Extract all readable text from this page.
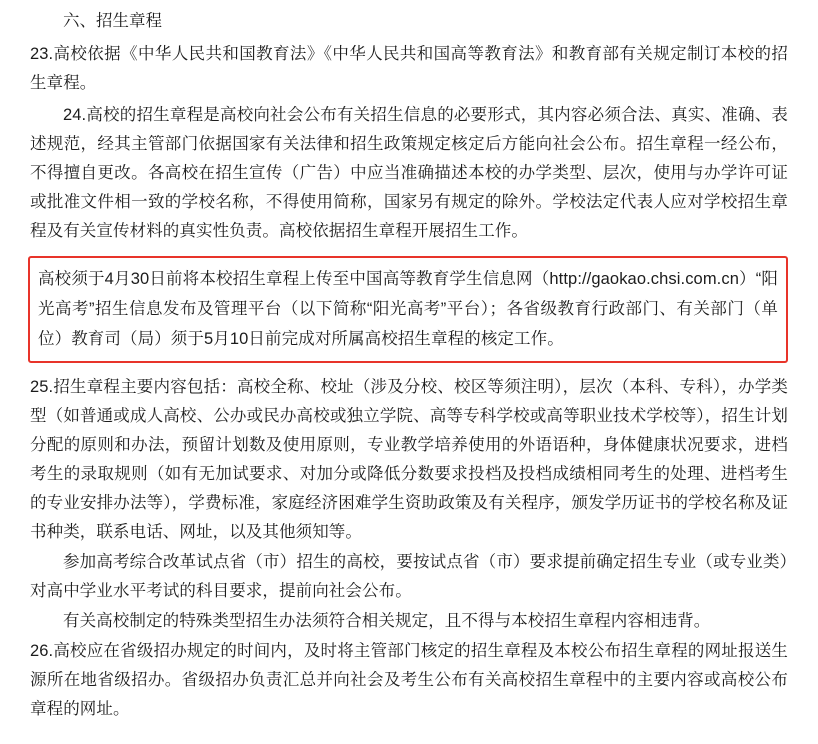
六、招生章程

23.高校依据《中华人民共和国教育法》《中华人民共和国高等教育法》和教育部有关规定制订本校的招生章程。

24.高校的招生章程是高校向社会公布有关招生信息的必要形式，其内容必须合法、真实、准确、表述规范，经其主管部门依据国家有关法律和招生政策规定核定后方能向社会公布。招生章程一经公布，不得擅自更改。各高校在招生宣传（广告）中应当准确描述本校的办学类型、层次，使用与办学许可证或批准文件相一致的学校名称，不得使用简称，国家另有规定的除外。学校法定代表人应对学校招生章程及有关宣传材料的真实性负责。高校依据招生章程开展招生工作。

高校须于4月30日前将本校招生章程上传至中国高等教育学生信息网（http://gaokao.chsi.com.cn）“阳光高考”招生信息发布及管理平台（以下简称“阳光高考”平台）；各省级教育行政部门、有关部门（单位）教育司（局）须于5月10日前完成对所属高校招生章程的核定工作。

25.招生章程主要内容包括：高校全称、校址（涉及分校、校区等须注明），层次（本科、专科），办学类型（如普通或成人高校、公办或民办高校或独立学院、高等专科学校或高等职业技术学校等），招生计划分配的原则和办法，预留计划数及使用原则，专业教学培养使用的外语语种，身体健康状况要求，进档考生的录取规则（如有无加试要求、对加分或降低分数要求投档及投档成绩相同考生的处理、进档考生的专业安排办法等），学费标准，家庭经济困难学生资助政策及有关程序，颁发学历证书的学校名称及证书种类，联系电话、网址，以及其他须知等。

参加高考综合改革试点省（市）招生的高校，要按试点省（市）要求提前确定招生专业（或专业类）对高中学业水平考试的科目要求，提前向社会公布。

有关高校制定的特殊类型招生办法须符合相关规定，且不得与本校招生章程内容相违背。

26.高校应在省级招办规定的时间内，及时将主管部门核定的招生章程及本校公布招生章程的网址报送生源所在地省级招办。省级招办负责汇总并向社会及考生公布有关高校招生章程中的主要内容或高校公布章程的网址。
